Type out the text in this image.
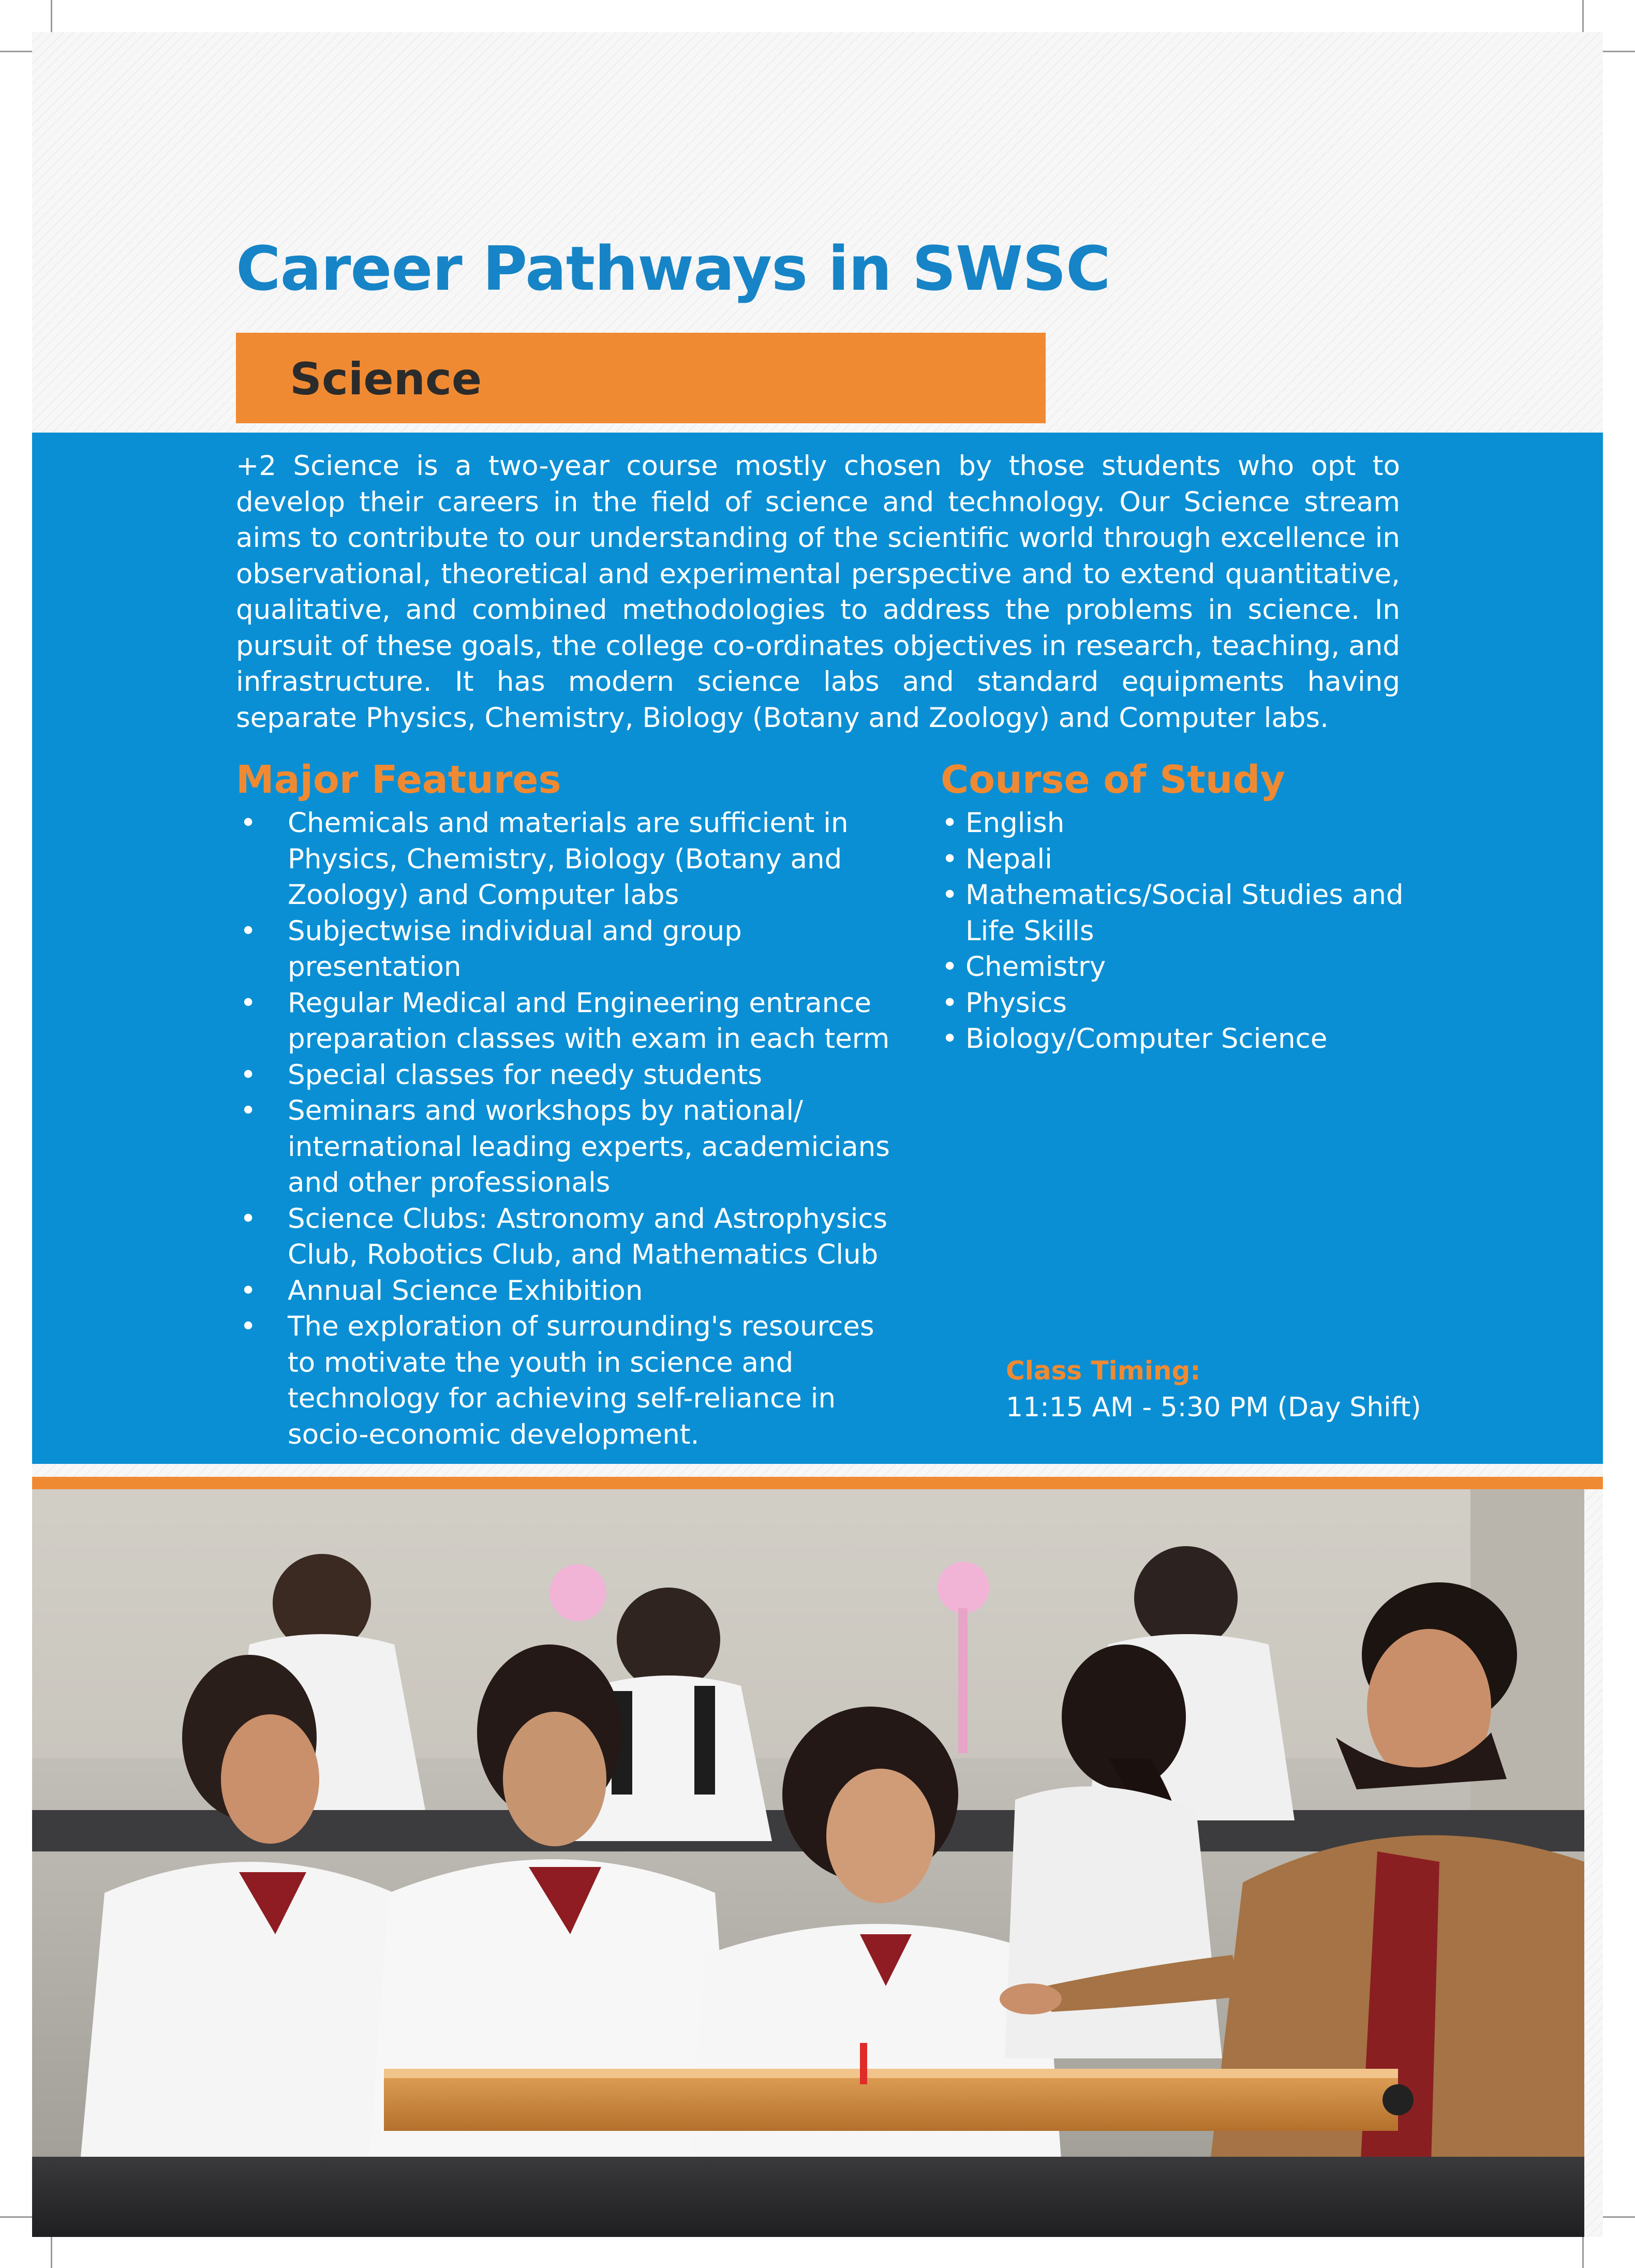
Career Pathways in SWSC
Science
+2 Science is a two-year course mostly chosen by those students who opt to develop their careers in the field of science and technology. Our Science stream aims to contribute to our understanding of the scientific world through excellence in observational, theoretical and experimental perspective and to extend quantitative, qualitative, and combined methodologies to address the problems in science. In pursuit of these goals, the college co-ordinates objectives in research, teaching, and infrastructure. It has modern science labs and standard equipments having separate Physics, Chemistry, Biology (Botany and Zoology) and Computer labs.
Major Features
• Chemicals and materials are sufficient in Physics, Chemistry, Biology (Botany and Zoology) and Computer labs
• Subjectwise individual and group presentation
• Regular Medical and Engineering entrance preparation classes with exam in each term
• Special classes for needy students
• Seminars and workshops by national/ international leading experts, academicians and other professionals
• Science Clubs: Astronomy and Astrophysics Club, Robotics Club, and Mathematics Club
• Annual Science Exhibition
• The exploration of surrounding's resources to motivate the youth in science and technology for achieving self-reliance in socio-economic development.
Course of Study
• English
• Nepali
• Mathematics/Social Studies and Life Skills
• Chemistry
• Physics
• Biology/Computer Science
Class Timing:
11:15 AM - 5:30 PM (Day Shift)
